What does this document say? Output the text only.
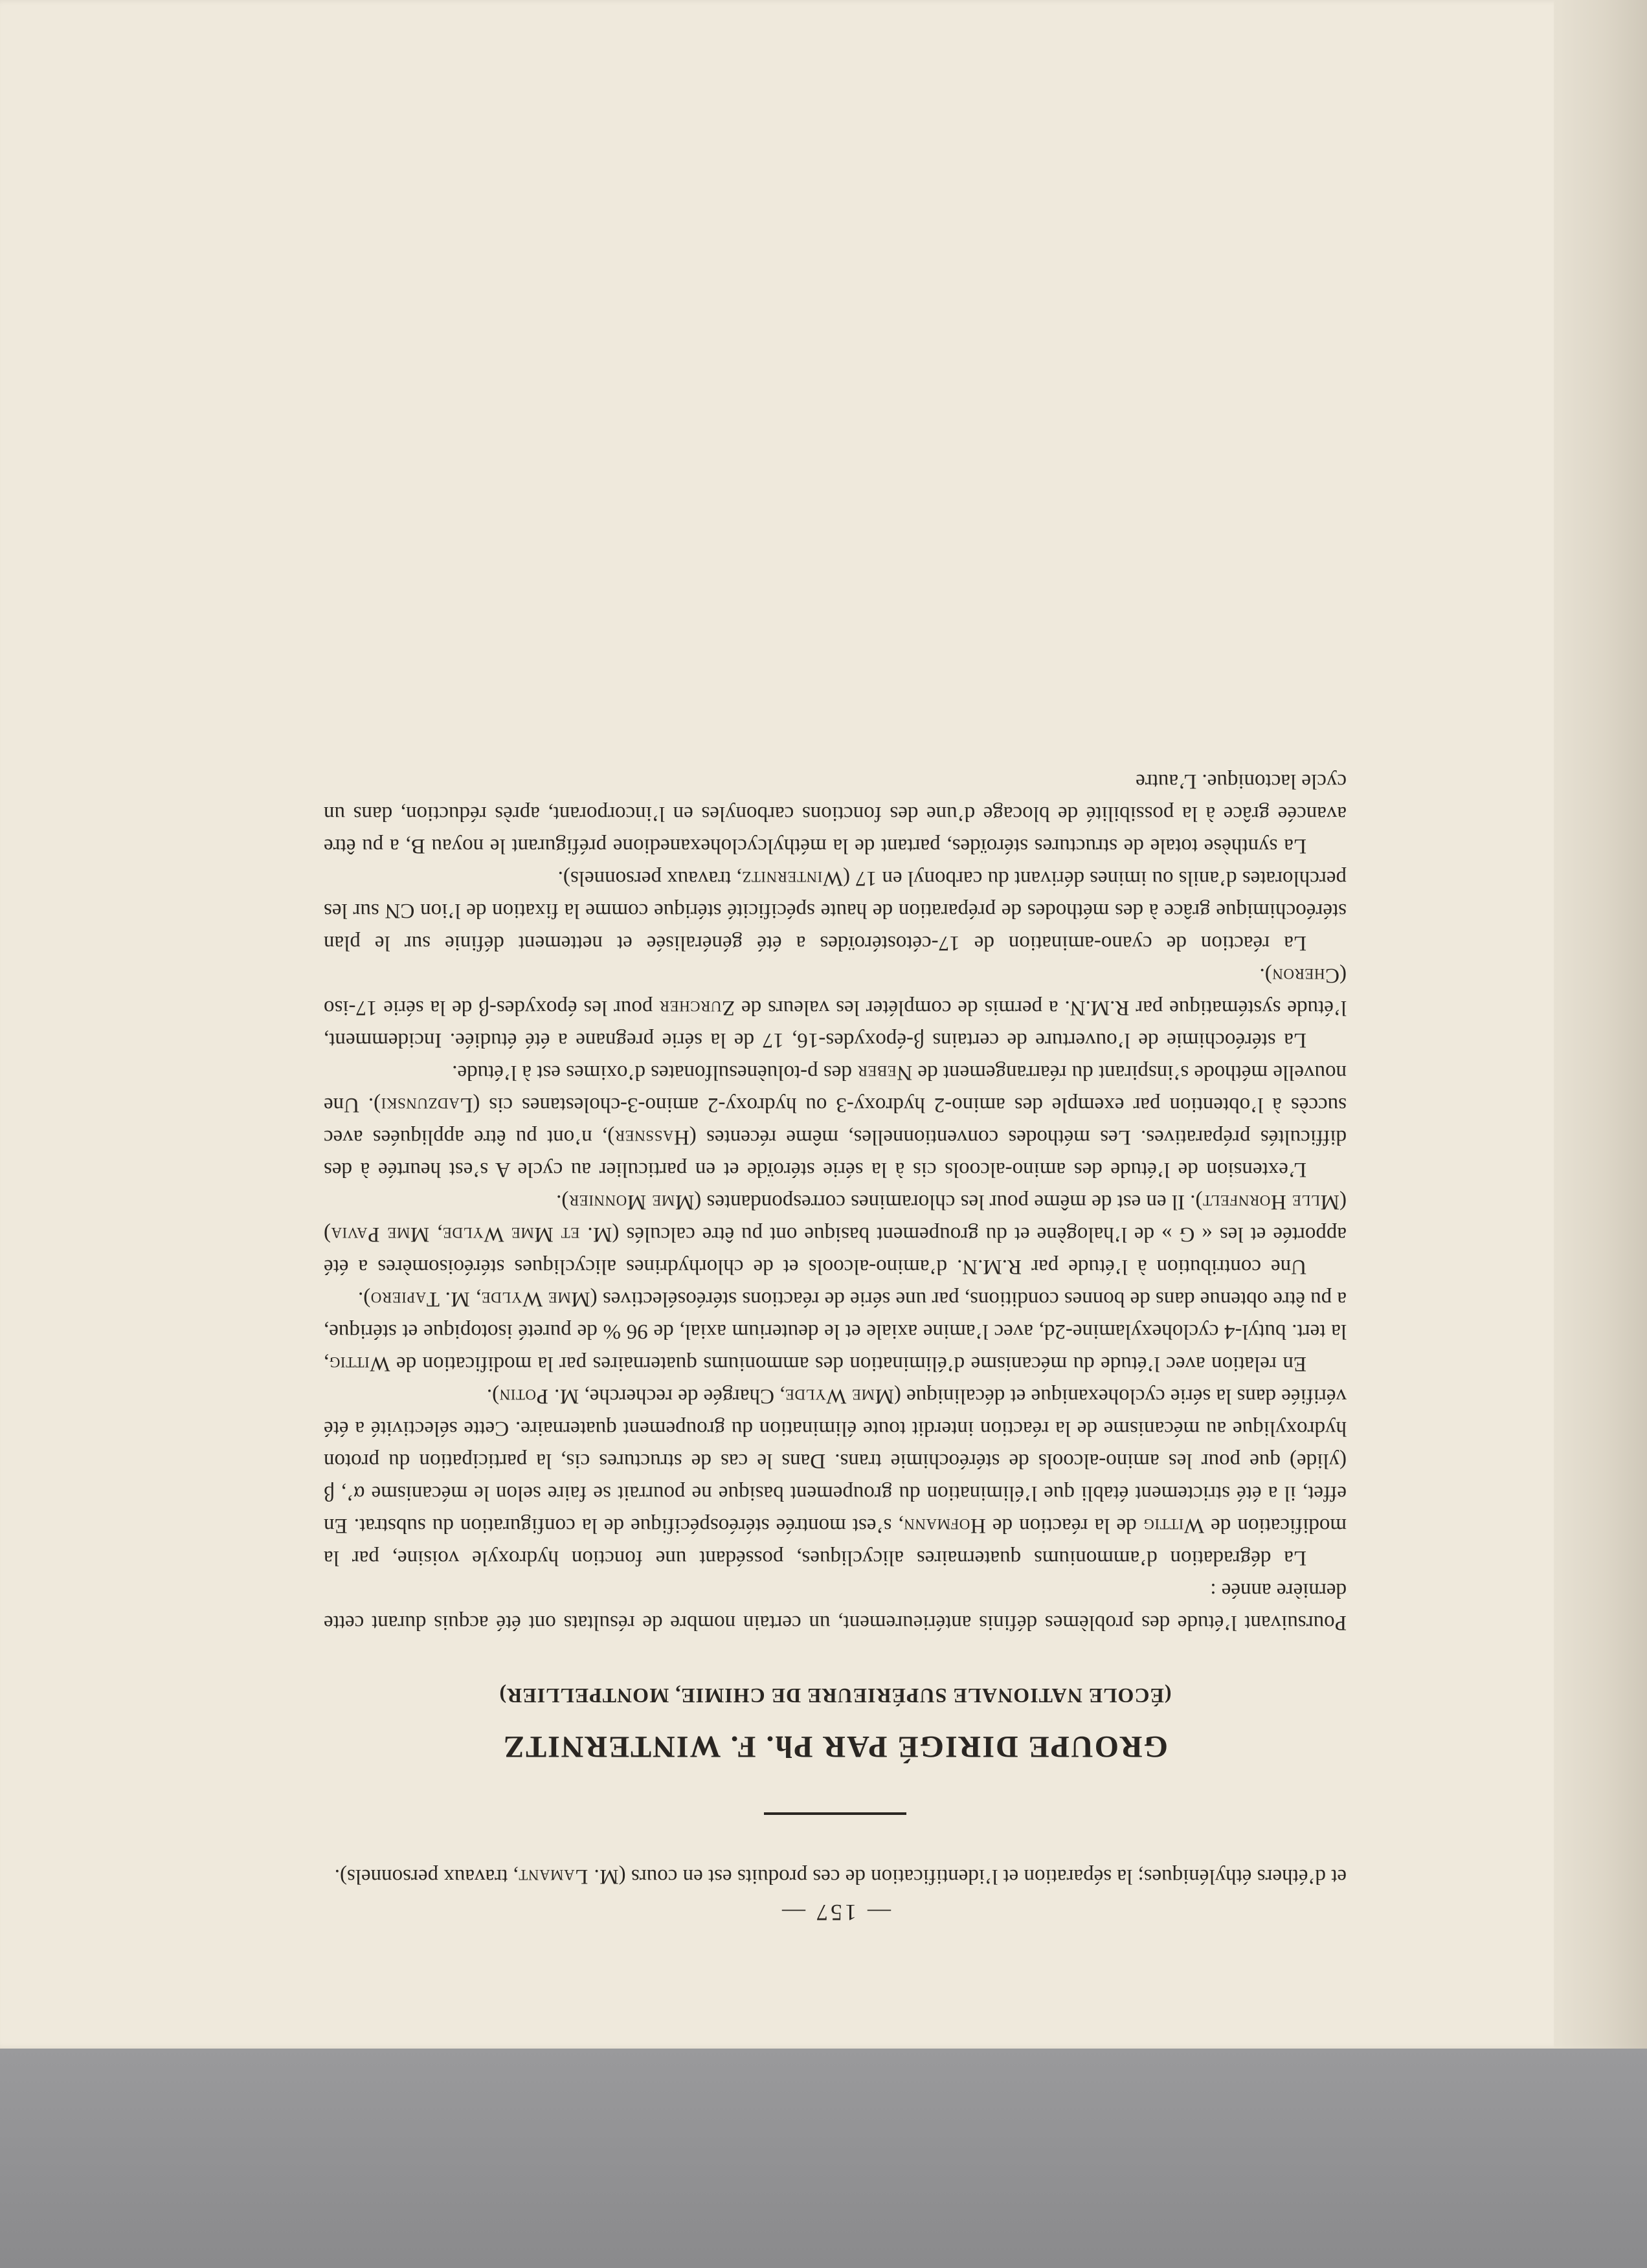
— 157 —

et d’éthers éthyléniques; la séparation et l’identification de ces produits est en cours (M. Lamant, travaux personnels).

GROUPE DIRIGÉ PAR Ph. F. WINTERNITZ
(ÉCOLE NATIONALE SUPÉRIEURE DE CHIMIE, MONTPELLIER)

Poursuivant l’étude des problèmes définis antérieurement, un certain nombre de résultats ont été acquis durant cette dernière année :

La dégradation d’ammoniums quaternaires alicycliques, possédant une fonction hydroxyle voisine, par la modification de Wittig de la réaction de Hofmann, s’est montrée stéréospécifique de la configuration du substrat. En effet, il a été strictement établi que l’élimination du groupement basique ne pourrait se faire selon le mécanisme α’, β (ylide) que pour les amino-alcools de stéréochimie trans. Dans le cas de structures cis, la participation du proton hydroxylique au mécanisme de la réaction interdit toute élimination du groupement quaternaire. Cette sélectivité a été vérifiée dans la série cyclohexanique et décalinique (Mme Wylde, Chargée de recherche, M. Potin).

En relation avec l’étude du mécanisme d’élimination des ammoniums quaternaires par la modification de Wittig, la tert. butyl-4 cyclohexylamine-2d, avec l’amine axiale et le deuterium axial, de 96 % de pureté isotopique et stérique, a pu être obtenue dans de bonnes conditions, par une série de réactions stéréosélectives (Mme Wylde, M. Tapiero).

Une contribution à l’étude par R.M.N. d’amino-alcools et de chlorhydrines alicycliques stéréoisomères a été apportée et les « G » de l’halogène et du groupement basique ont pu être calculés (M. et Mme Wylde, Mme Pavia) (Mlle Hornfelt). Il en est de même pour les chloramines correspondantes (Mme Monnier).

L’extension de l’étude des amino-alcools cis à la série stéroïde et en particulier au cycle A s’est heurtée à des difficultés préparatives. Les méthodes conventionnelles, même récentes (Hassner), n’ont pu être appliquées avec succès à l’obtention par exemple des amino-2 hydroxy-3 ou hydroxy-2 amino-3-cholestanes cis (Ladzunski). Une nouvelle méthode s’inspirant du réarrangement de Neber des p-toluènesulfonates d’oximes est à l’étude.

La stéréochimie de l’ouverture de certains β-époxydes-16, 17 de la série pregnane a été étudiée. Incidemment, l’étude systématique par R.M.N. a permis de compléter les valeurs de Zurcher pour les époxydes-β de la série 17-iso (Cheron).

La réaction de cyano-amination de 17-cétostéroïdes a été généralisée et nettement définie sur le plan stéréochimique grâce à des méthodes de préparation de haute spécificité stérique comme la fixation de l’ion CN sur les perchlorates d’anils ou imines dérivant du carbonyl en 17 (Winternitz, travaux personnels).

La synthèse totale de structures stéroïdes, partant de la méthylcyclohexanedione préfigurant le noyau B, a pu être avancée grâce à la possibilité de blocage d’une des fonctions carbonyles en l’incorporant, après réduction, dans un cycle lactonique. L’autre
